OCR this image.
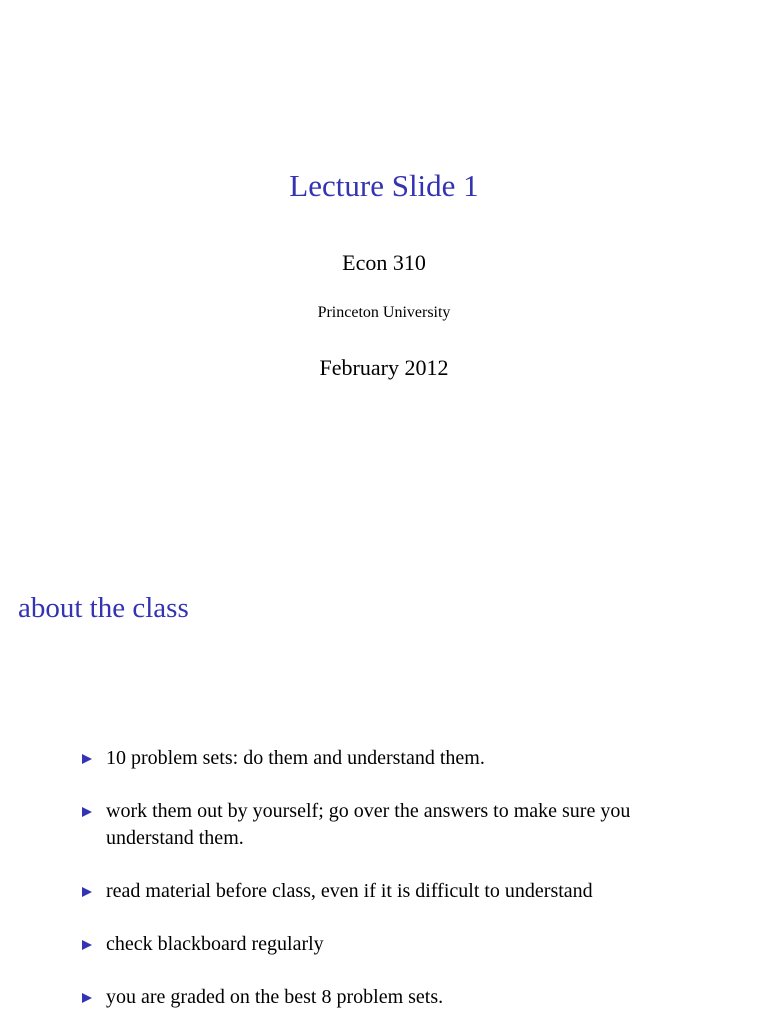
Lecture Slide 1
Econ 310
Princeton University
February 2012
about the class
10 problem sets: do them and understand them.
work them out by yourself; go over the answers to make sure you understand them.
read material before class, even if it is difficult to understand
check blackboard regularly
you are graded on the best 8 problem sets.
